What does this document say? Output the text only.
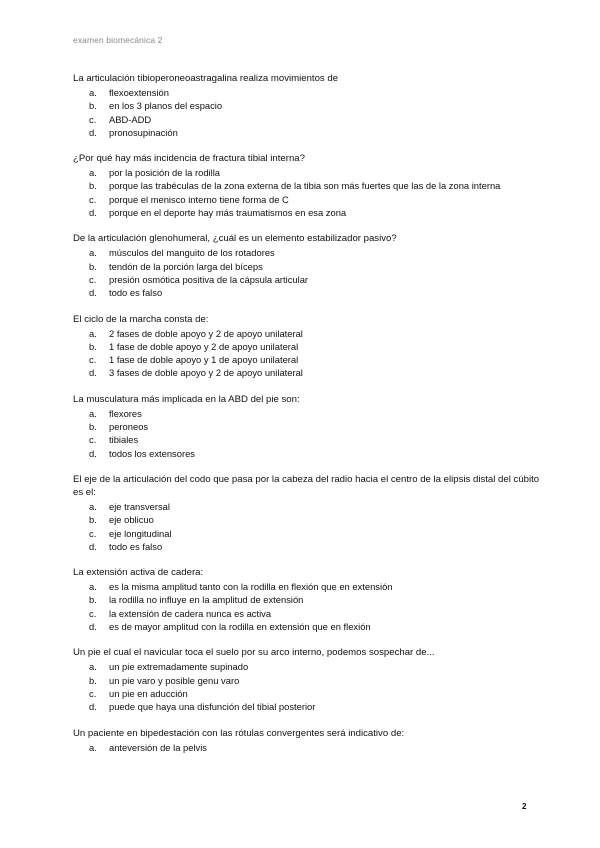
examen biomecánica 2
La articulación tibioperoneoastragalina realiza movimientos de
a. flexoextensión
b. en los 3 planos del espacio
c. ABD-ADD
d. pronosupinación
¿Por qué hay más incidencia de fractura tibial interna?
a. por la posición de la rodilla
b. porque las trabéculas de la zona externa de la tibia son más fuertes que las de la zona interna
c. porque el menisco interno tiene forma de C
d. porque en el deporte hay más traumatismos en esa zona
De la articulación glenohumeral, ¿cuál es un elemento estabilizador pasivo?
a. músculos del manguito de los rotadores
b. tendón de la porción larga del bíceps
c. presión osmótica positiva de la cápsula articular
d. todo es falso
El ciclo de la marcha consta de:
a. 2 fases de doble apoyo y 2 de apoyo unilateral
b. 1 fase de doble apoyo y 2 de apoyo unilateral
c. 1 fase de doble apoyo y 1 de apoyo unilateral
d. 3 fases de doble apoyo y 2 de apoyo unilateral
La musculatura más implicada en la ABD del pie son:
a. flexores
b. peroneos
c. tibiales
d. todos los extensores
El eje de la articulación del codo que pasa por la cabeza del radio hacia el centro de la elipsis distal del cúbito es el:
a. eje transversal
b. eje oblicuo
c. eje longitudinal
d. todo es falso
La extensión activa de cadera:
a. es la misma amplitud tanto con la rodilla en flexión que en extensión
b. la rodilla no influye en la amplitud de extensión
c. la extensión de cadera nunca es activa
d. es de mayor amplitud con la rodilla en extensión que en flexión
Un pie el cual el navicular toca el suelo por su arco interno, podemos sospechar de...
a. un pie extremadamente supinado
b. un pie varo y posible genu varo
c. un pie en aducción
d. puede que haya una disfunción del tibial posterior
Un paciente en bipedestación con las rótulas convergentes será indicativo de:
a. anteversión de la pelvis
2
